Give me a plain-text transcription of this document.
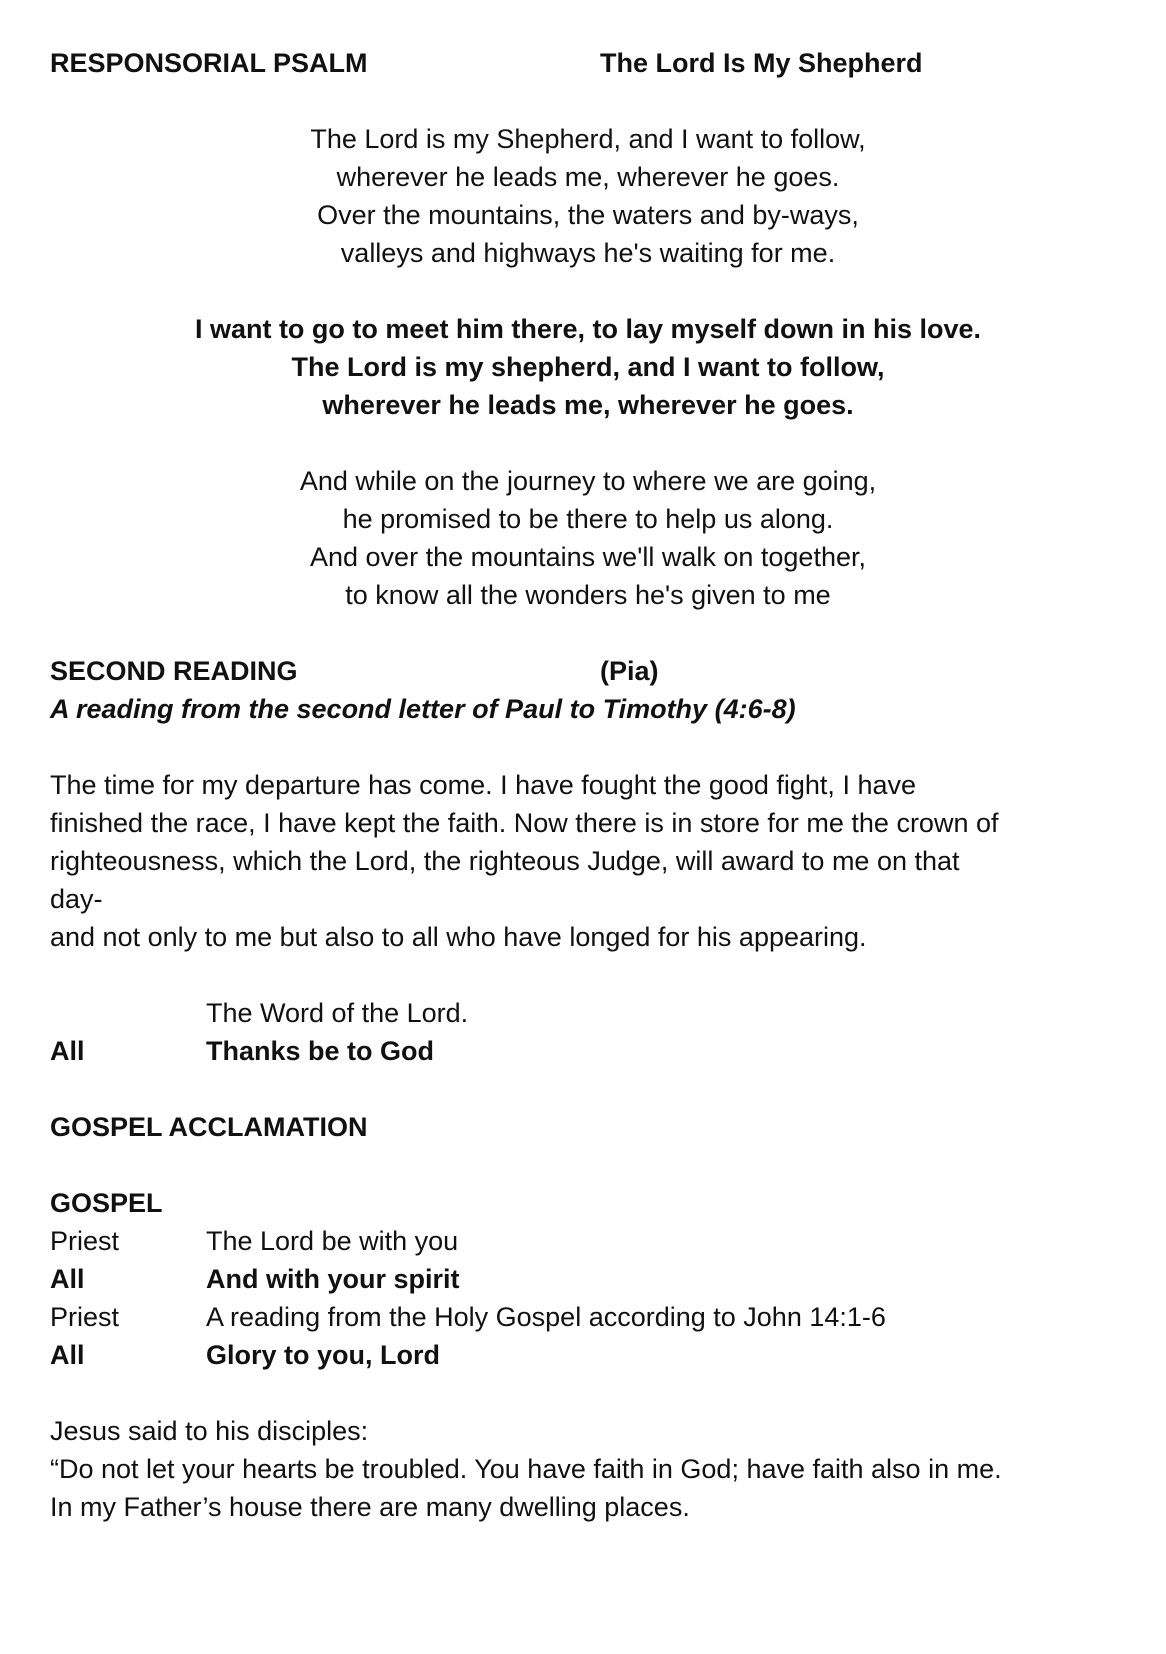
RESPONSORIAL PSALM	The Lord Is My Shepherd

The Lord is my Shepherd, and I want to follow,

wherever he leads me, wherever he goes.

Over the mountains, the waters and by-ways,

valleys and highways he's waiting for me.

I want to go to meet him there, to lay myself down in his love.

The Lord is my shepherd, and I want to follow,

wherever he leads me, wherever he goes.

And while on the journey to where we are going,

he promised to be there to help us along.

And over the mountains we'll walk on together,

to know all the wonders he's given to me

SECOND READING	(Pia)
A reading from the second letter of Paul to Timothy (4:6-8)

The time for my departure has come. I have fought the good fight, I have

finished the race, I have kept the faith. Now there is in store for me the crown of

righteousness, which the Lord, the righteous Judge, will award to me on that

day-

and not only to me but also to all who have longed for his appearing.

The Word of the Lord.
All	Thanks be to God
GOSPEL ACCLAMATION
GOSPEL
Priest	The Lord be with you
All	And with your spirit
Priest	A reading from the Holy Gospel according to John 14:1-6
All	Glory to you, Lord

Jesus said to his disciples:

“Do not let your hearts be troubled. You have faith in God; have faith also in me.

In my Father’s house there are many dwelling places.
